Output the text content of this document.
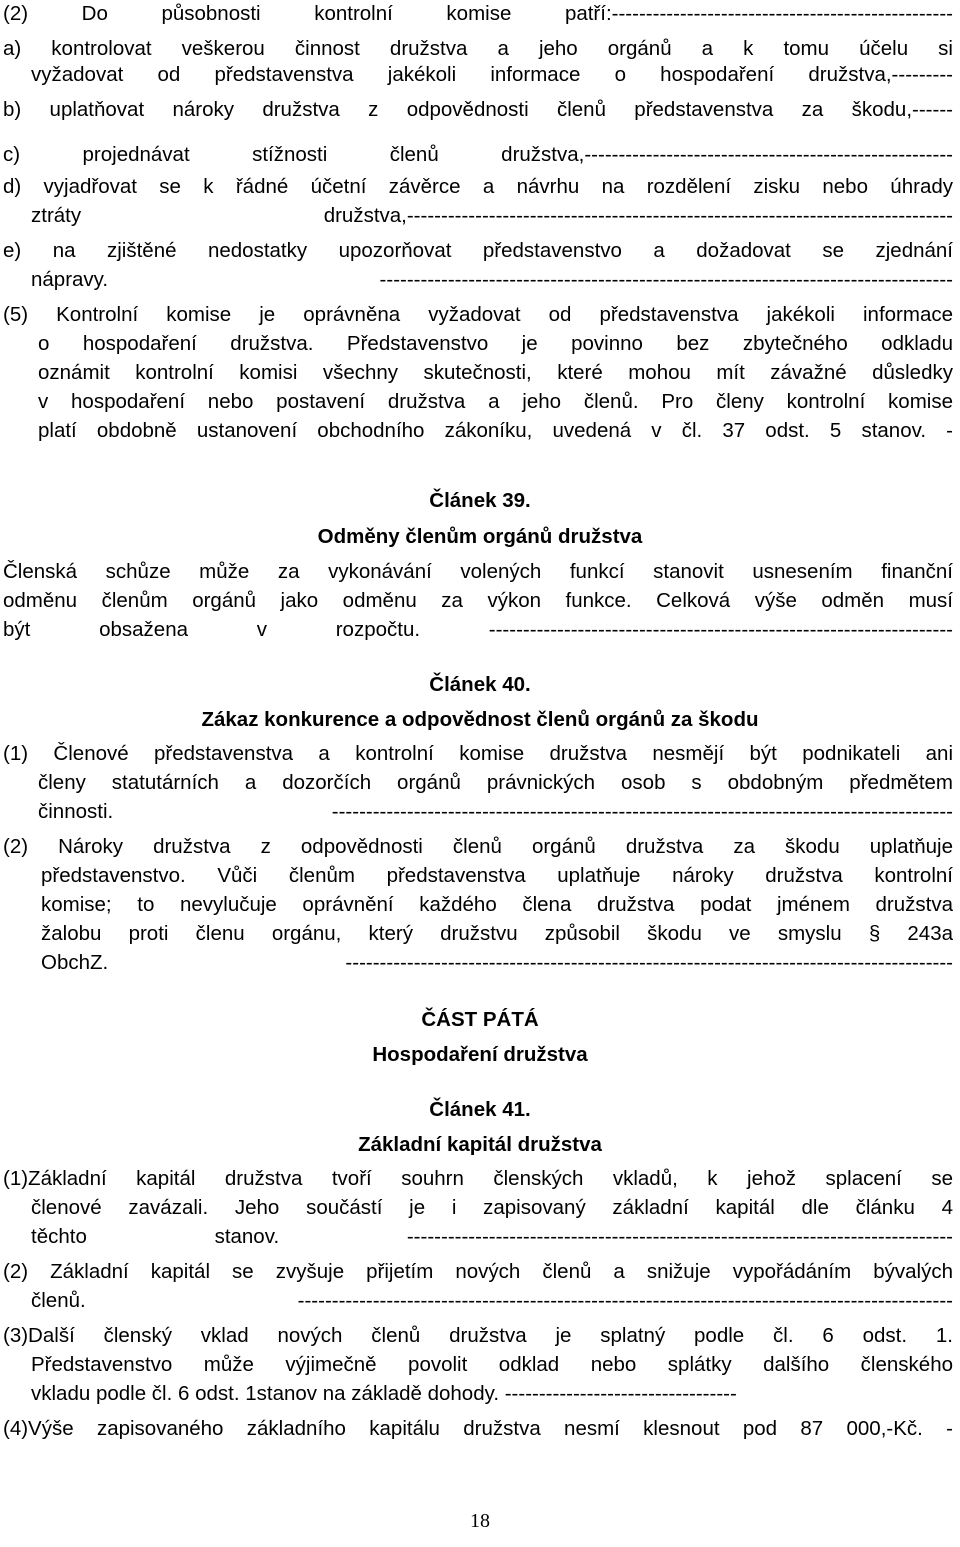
(2) Do působnosti kontrolní komise patří:--------------------------------------------------
a) kontrolovat veškerou činnost družstva a jeho orgánů a k tomu účelu si
vyžadovat od představenstva jakékoli informace o hospodaření družstva,---------
b) uplatňovat nároky družstva z odpovědnosti členů představenstva za škodu,------
c) projednávat stížnosti členů družstva,------------------------------------------------------
d) vyjadřovat se k řádné účetní závěrce a návrhu na rozdělení zisku nebo úhrady
ztráty družstva,--------------------------------------------------------------------------------
e) na zjištěné nedostatky upozorňovat představenstvo a dožadovat se zjednání
nápravy. ------------------------------------------------------------------------------------
(5) Kontrolní komise je oprávněna vyžadovat od představenstva jakékoli informace
o hospodaření družstva. Představenstvo je povinno bez zbytečného odkladu
oznámit kontrolní komisi všechny skutečnosti, které mohou mít závažné důsledky
v hospodaření nebo postavení družstva a jeho členů. Pro členy kontrolní komise
platí obdobně ustanovení obchodního zákoníku, uvedená v čl. 37 odst. 5 stanov. -
Článek 39.
Odměny členům orgánů družstva
Členská schůze může za vykonávání volených funkcí stanovit usnesením finanční
odměnu členům orgánů jako odměnu za výkon funkce. Celková výše odměn musí
být obsažena v rozpočtu. --------------------------------------------------------------------
Článek 40.
Zákaz konkurence a odpovědnost členů orgánů za škodu
(1) Členové představenstva a kontrolní komise družstva nesmějí být podnikateli ani
členy statutárních a dozorčích orgánů právnických osob s obdobným předmětem
činnosti. -------------------------------------------------------------------------------------------
(2) Nároky družstva z odpovědnosti členů orgánů družstva za škodu uplatňuje
představenstvo. Vůči členům představenstva uplatňuje nároky družstva kontrolní
komise; to nevylučuje oprávnění každého člena družstva podat jménem družstva
žalobu proti členu orgánu, který družstvu způsobil škodu ve smyslu § 243a
ObchZ. -----------------------------------------------------------------------------------------
ČÁST PÁTÁ
Hospodaření družstva
Článek 41.
Základní kapitál družstva
(1)Základní kapitál družstva tvoří souhrn členských vkladů, k jehož splacení se
členové zavázali. Jeho součástí je i zapisovaný základní kapitál dle článku 4
těchto stanov. --------------------------------------------------------------------------------
(2) Základní kapitál se zvyšuje přijetím nových členů a snižuje vypořádáním bývalých
členů. ------------------------------------------------------------------------------------------------
(3)Další členský vklad nových členů družstva je splatný podle čl. 6 odst. 1.
Představenstvo může výjimečně povolit odklad nebo splátky dalšího členského
vkladu podle čl. 6 odst. 1stanov na základě dohody. ----------------------------------
(4)Výše zapisovaného základního kapitálu družstva nesmí klesnout pod 87 000,-Kč. -
18
